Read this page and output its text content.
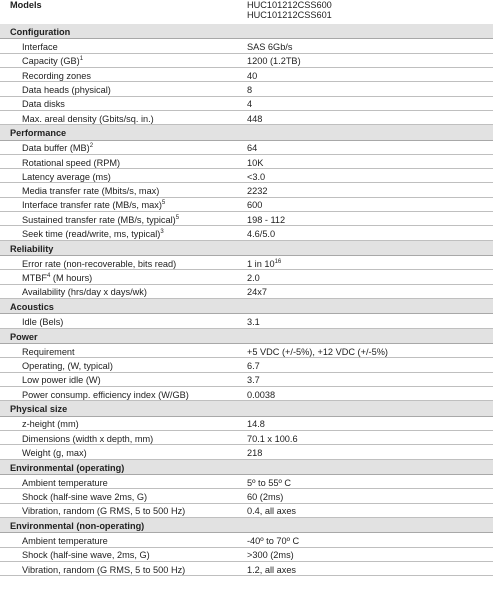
Models	HUC101212CSS600
HUC101212CSS601
Configuration
Interface	SAS 6Gb/s
Capacity (GB)$^1$	1200 (1.2TB)
Recording zones	40
Data heads (physical)	8
Data disks	4
Max. areal density (Gbits/sq. in.)	448
Performance
Data buffer (MB)$^2$	64
Rotational speed (RPM)	10K
Latency average (ms)	<3.0
Media transfer rate (Mbits/s, max)	2232
Interface transfer rate (MB/s, max)$^5$	600
Sustained transfer rate (MB/s, typical)$^5$	198 - 112
Seek time (read/write, ms, typical)$^3$	4.6/5.0
Reliability
Error rate (non-recoverable, bits read)	1 in $10^{16}$
MTBF$^4$ (M hours)	2.0
Availability (hrs/day x days/wk)	24x7
Acoustics
Idle (Bels)	3.1
Power
Requirement	+5 VDC (+/-5%), +12 VDC (+/-5%)
Operating, (W, typical)	6.7
Low power idle (W)	3.7
Power consump. efficiency index (W/GB)	0.0038
Physical size
z-height (mm)	14.8
Dimensions (width x depth, mm)	70.1 x 100.6
Weight (g, max)	218
Environmental (operating)
Ambient temperature	5º to 55º C
Shock (half-sine wave 2ms, G)	60 (2ms)
Vibration, random (G RMS, 5 to 500 Hz)	0.4, all axes
Environmental (non-operating)
Ambient temperature	-40º to 70º C
Shock (half-sine wave, 2ms, G)	>300 (2ms)
Vibration, random (G RMS, 5 to 500 Hz)	1.2, all axes
